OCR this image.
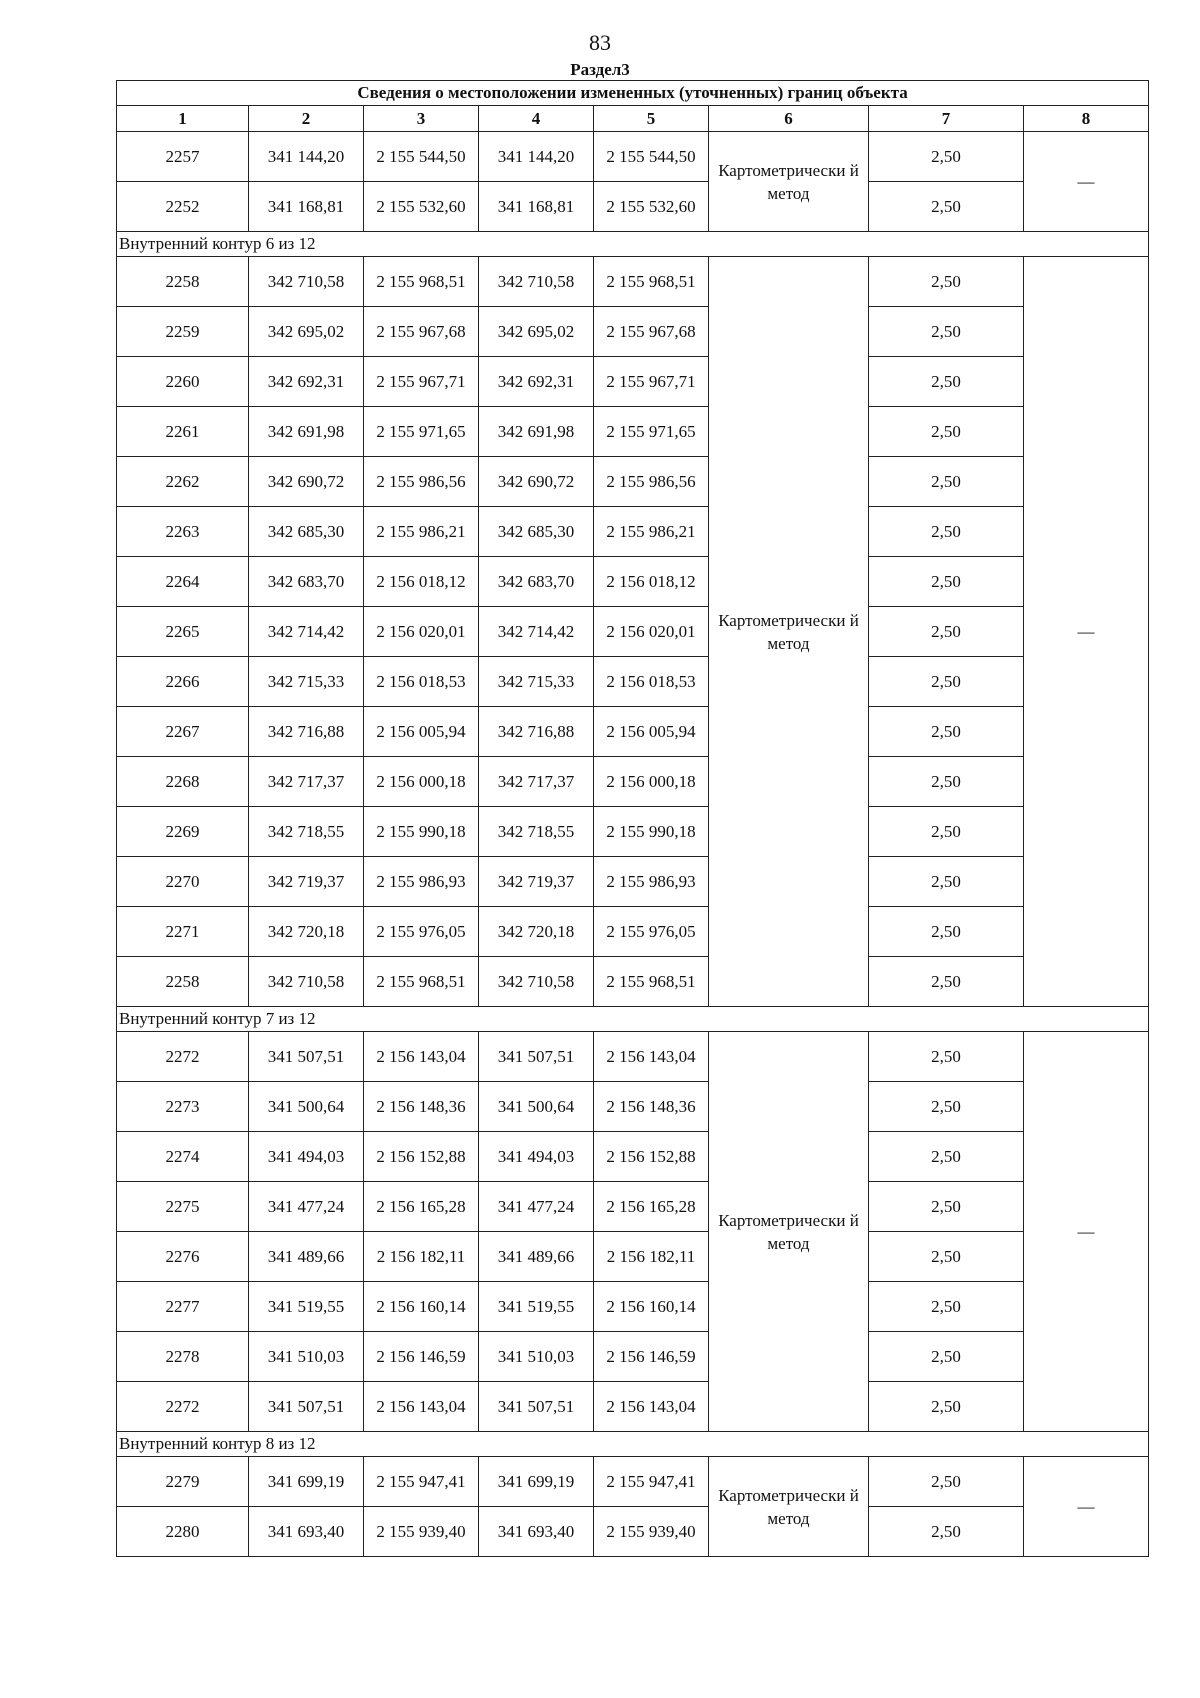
83
Раздел3
Сведения о местоположении измененных (уточненных) границ объекта							
1	2	3	4	5	6	7	8
2257	341 144,20	2 155 544,50	341 144,20	2 155 544,50	Картометрически й метод	2,50	—
2252	341 168,81	2 155 532,60	341 168,81	2 155 532,60		2,50	
Внутренний контур 6 из 12							
2258	342 710,58	2 155 968,51	342 710,58	2 155 968,51	Картометрически й метод	2,50	—
2259	342 695,02	2 155 967,68	342 695,02	2 155 967,68		2,50	
2260	342 692,31	2 155 967,71	342 692,31	2 155 967,71		2,50	
2261	342 691,98	2 155 971,65	342 691,98	2 155 971,65		2,50	
2262	342 690,72	2 155 986,56	342 690,72	2 155 986,56		2,50	
2263	342 685,30	2 155 986,21	342 685,30	2 155 986,21		2,50	
2264	342 683,70	2 156 018,12	342 683,70	2 156 018,12		2,50	
2265	342 714,42	2 156 020,01	342 714,42	2 156 020,01		2,50	
2266	342 715,33	2 156 018,53	342 715,33	2 156 018,53		2,50	
2267	342 716,88	2 156 005,94	342 716,88	2 156 005,94		2,50	
2268	342 717,37	2 156 000,18	342 717,37	2 156 000,18		2,50	
2269	342 718,55	2 155 990,18	342 718,55	2 155 990,18		2,50	
2270	342 719,37	2 155 986,93	342 719,37	2 155 986,93		2,50	
2271	342 720,18	2 155 976,05	342 720,18	2 155 976,05		2,50	
2258	342 710,58	2 155 968,51	342 710,58	2 155 968,51		2,50	
Внутренний контур 7 из 12							
2272	341 507,51	2 156 143,04	341 507,51	2 156 143,04	Картометрически й метод	2,50	—
2273	341 500,64	2 156 148,36	341 500,64	2 156 148,36		2,50	
2274	341 494,03	2 156 152,88	341 494,03	2 156 152,88		2,50	
2275	341 477,24	2 156 165,28	341 477,24	2 156 165,28		2,50	
2276	341 489,66	2 156 182,11	341 489,66	2 156 182,11		2,50	
2277	341 519,55	2 156 160,14	341 519,55	2 156 160,14		2,50	
2278	341 510,03	2 156 146,59	341 510,03	2 156 146,59		2,50	
2272	341 507,51	2 156 143,04	341 507,51	2 156 143,04		2,50	
Внутренний контур 8 из 12							
2279	341 699,19	2 155 947,41	341 699,19	2 155 947,41	Картометрически й метод	2,50	—
2280	341 693,40	2 155 939,40	341 693,40	2 155 939,40		2,50	
